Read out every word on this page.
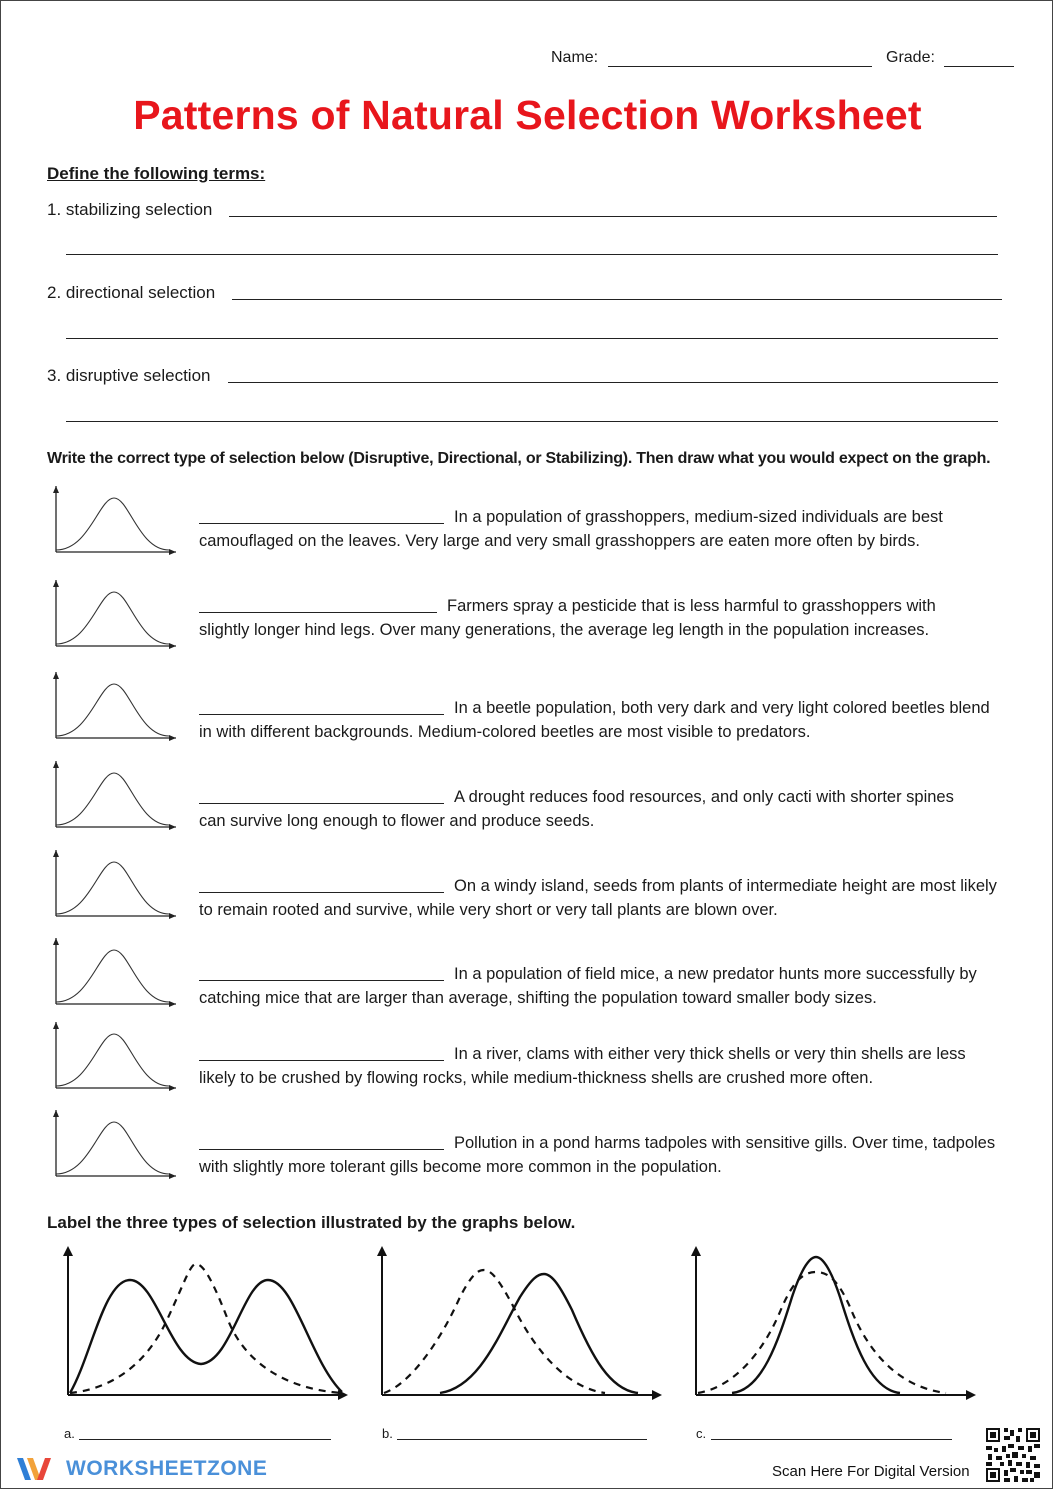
Name:	Grade:
Patterns of Natural Selection Worksheet
Define the following terms:
1. stabilizing selection
2. directional selection
3. disruptive selection
Write the correct type of selection below (Disruptive, Directional, or Stabilizing). Then draw what you would expect on the graph.
In a population of grasshoppers, medium-sized individuals are best camouflaged on the leaves. Very large and very small grasshoppers are eaten more often by birds.
Farmers spray a pesticide that is less harmful to grasshoppers with slightly longer hind legs. Over many generations, the average leg length in the population increases.
In a beetle population, both very dark and very light colored beetles blend in with different backgrounds. Medium-colored beetles are most visible to predators.
A drought reduces food resources, and only cacti with shorter spines can survive long enough to flower and produce seeds.
On a windy island, seeds from plants of intermediate height are most likely to remain rooted and survive, while very short or very tall plants are blown over.
In a population of field mice, a new predator hunts more successfully by catching mice that are larger than average, shifting the population toward smaller body sizes.
In a river, clams with either very thick shells or very thin shells are less likely to be crushed by flowing rocks, while medium-thickness shells are crushed more often.
Pollution in a pond harms tadpoles with sensitive gills. Over time, tadpoles with slightly more tolerant gills become more common in the population.
Label the three types of selection illustrated by the graphs below.
a.	b.	c.
WORKSHEETZONE	Scan Here For Digital Version
